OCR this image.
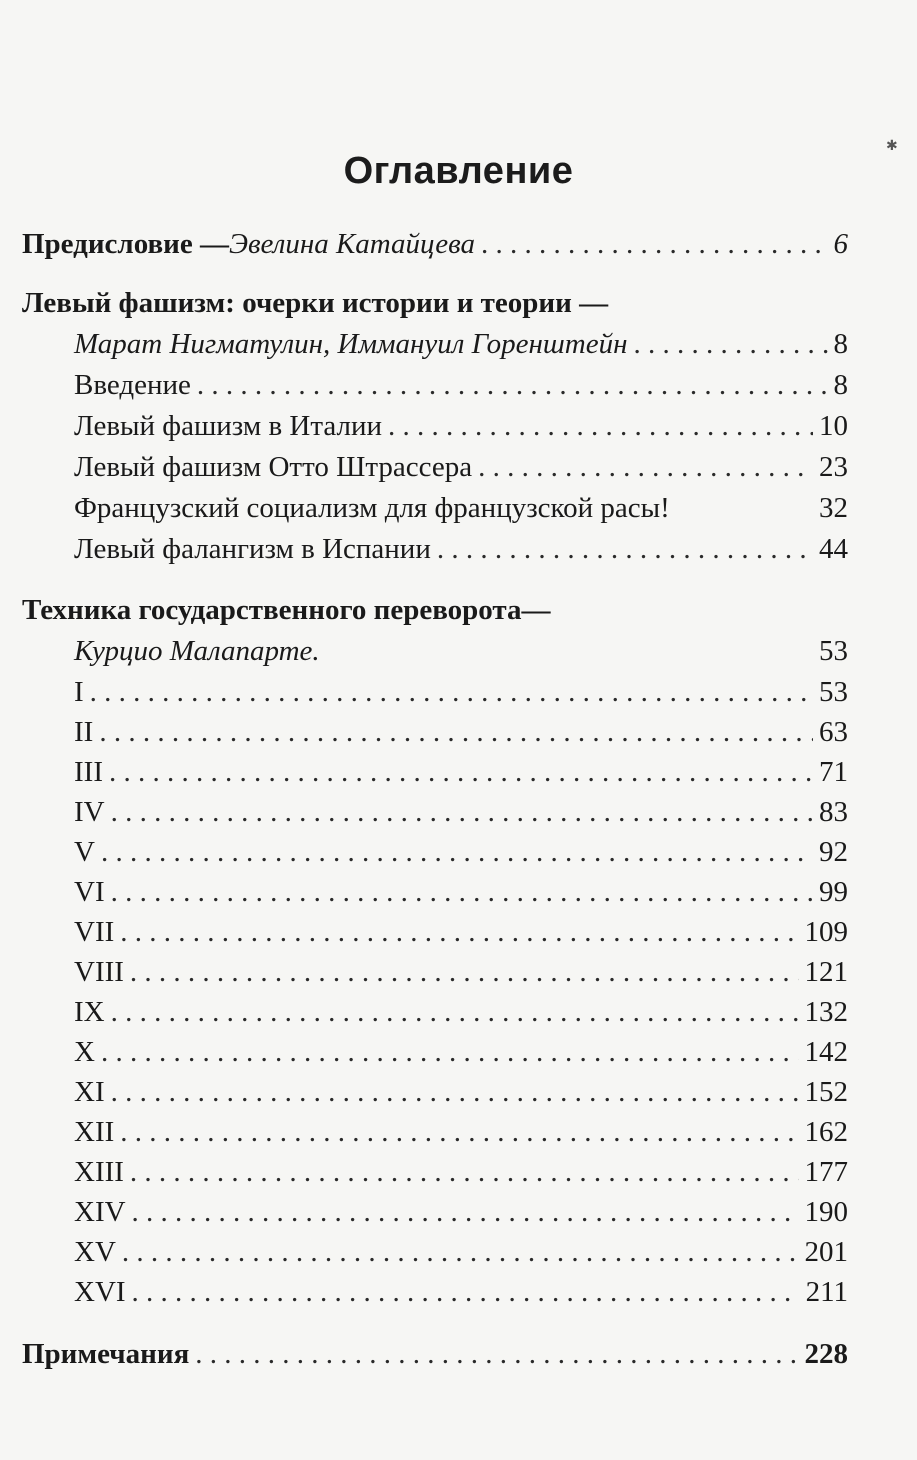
Оглавление
✱
Предисловие — Эвелина Катайцева . . .	6
Левый фашизм: очерки истории и теории —
Марат Нигматулин, Иммануил Горенштейн . . .	8
Введение . . .	8
Левый фашизм в Италии . . .	10
Левый фашизм Отто Штрассера . . .	23
Французский социализм для французской расы!	32
Левый фалангизм в Испании . . .	44
Техника государственного переворота—
Курцио Малапарте.	53
I . . .	53
II . . .	63
III . . .	71
IV . . .	83
V . . .	92
VI . . .	99
VII . . .	109
VIII . . .	121
IX . . .	132
X . . .	142
XI . . .	152
XII . . .	162
XIII . . .	177
XIV . . .	190
XV . . .	201
XVI . . .	211
Примечания . . .	228
